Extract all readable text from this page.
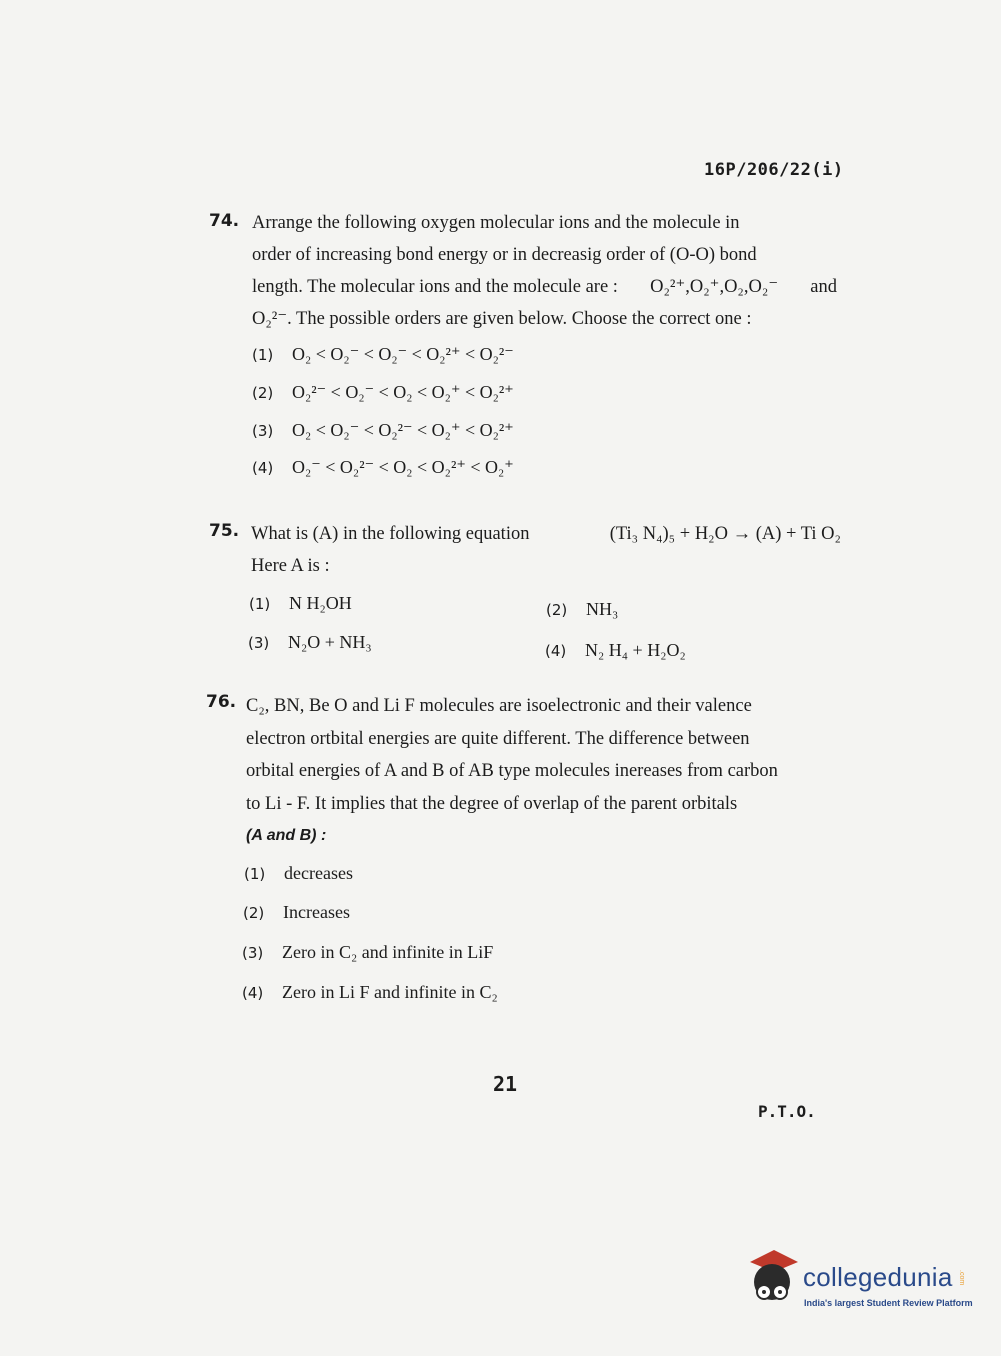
16P/206/22(i)
74. Arrange the following oxygen molecular ions and the molecule in
order of increasing bond energy or in decreasig order of (O-O) bond
length. The molecular ions and the molecule are : O₂²⁺,O₂⁺,O₂,O₂⁻ and
O₂²⁻. The possible orders are given below. Choose the correct one :
(1) O₂ < O₂⁻ < O₂⁻ < O₂²⁺ < O₂²⁻
(2) O₂²⁻ < O₂⁻ < O₂ < O₂⁺ < O₂²⁺
(3) O₂ < O₂⁻ < O₂²⁻ < O₂⁺ < O₂²⁺
(4) O₂⁻ < O₂²⁻ < O₂ < O₂²⁺ < O₂⁺
75. What is (A) in the following equation	(Ti₃ N₄)₅ + H₂O → (A) + Ti O₂
Here A is :
(1) N H₂OH	(2) NH₃
(3) N₂O + NH₃	(4) N₂ H₄ + H₂O₂
76. C₂, BN, Be O and Li F molecules are isoelectronic and their valence
electron ortbital energies are quite different. The difference between
orbital energies of A and B of AB type molecules inereases from carbon
to Li - F. It implies that the degree of overlap of the parent orbitals
(A and B) :
(1) decreases
(2) Increases
(3) Zero in C₂ and infinite in LiF
(4) Zero in Li F and infinite in C₂
21
P.T.O.
collegedunia .com
India's largest Student Review Platform
